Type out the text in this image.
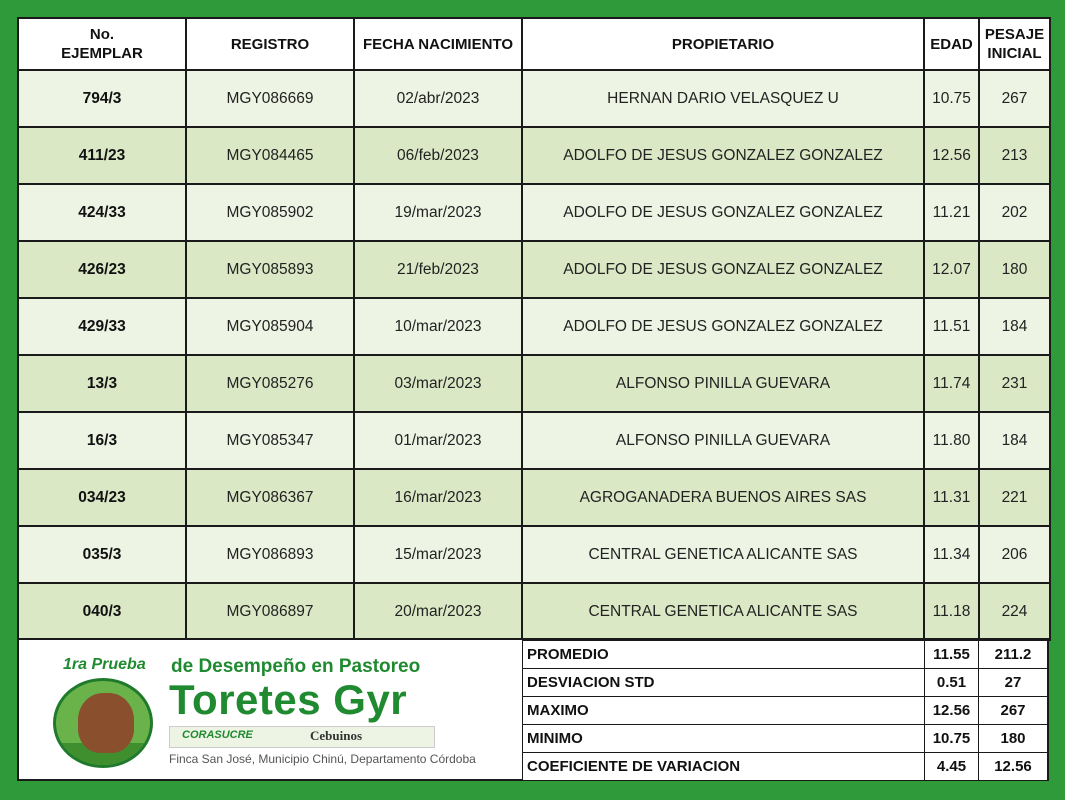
No.
EJEMPLAR	REGISTRO	FECHA NACIMIENTO	PROPIETARIO	EDAD	PESAJE
INICIAL
794/3	MGY086669	02/abr/2023	HERNAN DARIO VELASQUEZ U	10.75	267
411/23	MGY084465	06/feb/2023	ADOLFO DE JESUS GONZALEZ GONZALEZ	12.56	213
424/33	MGY085902	19/mar/2023	ADOLFO DE JESUS GONZALEZ GONZALEZ	11.21	202
426/23	MGY085893	21/feb/2023	ADOLFO DE JESUS GONZALEZ GONZALEZ	12.07	180
429/33	MGY085904	10/mar/2023	ADOLFO DE JESUS GONZALEZ GONZALEZ	11.51	184
13/3	MGY085276	03/mar/2023	ALFONSO PINILLA GUEVARA	11.74	231
16/3	MGY085347	01/mar/2023	ALFONSO PINILLA GUEVARA	11.80	184
034/23	MGY086367	16/mar/2023	AGROGANADERA BUENOS AIRES SAS	11.31	221
035/3	MGY086893	15/mar/2023	CENTRAL GENETICA ALICANTE SAS	11.34	206
040/3	MGY086897	20/mar/2023	CENTRAL GENETICA ALICANTE SAS	11.18	224
1ra Prueba de Desempeño en Pastoreo
Toretes Gyr
CORASUCRE	Cebuinos
Finca San José, Municipio Chinú, Departamento Córdoba
PROMEDIO	11.55	211.2
DESVIACION STD	0.51	27
MAXIMO	12.56	267
MINIMO	10.75	180
COEFICIENTE DE VARIACION	4.45	12.56
